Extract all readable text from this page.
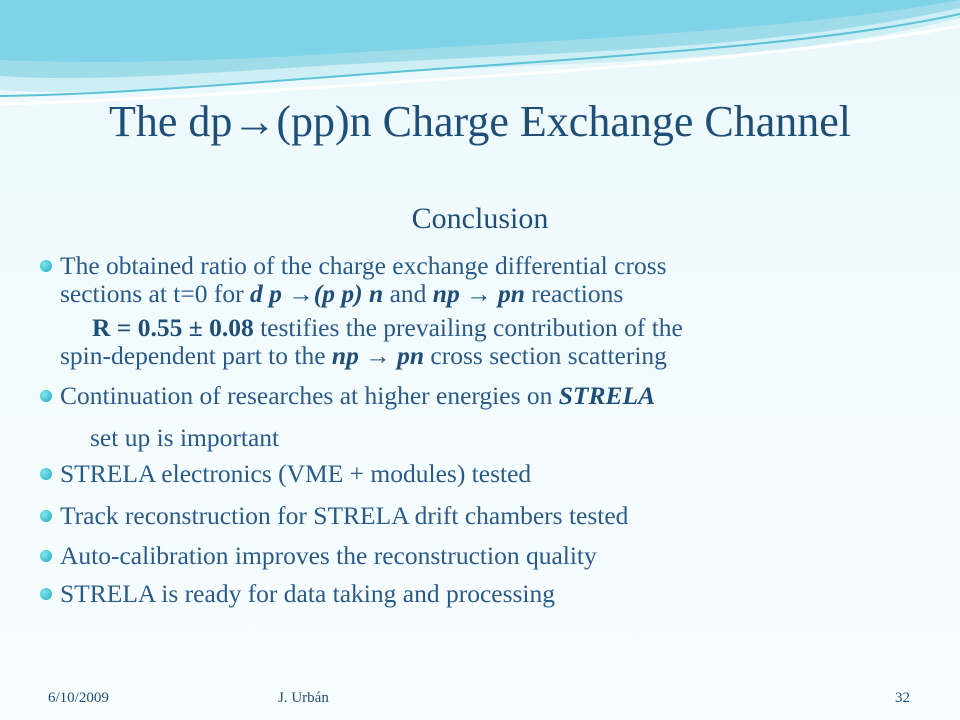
The dp→(pp)n Charge Exchange Channel
Conclusion
The obtained ratio of the charge exchange differential cross
sections at t=0 for d p →(p p) n and np → pn reactions
R = 0.55 ± 0.08 testifies the prevailing contribution of the
spin-dependent part to the np → pn cross section scattering
Continuation of researches at higher energies on STRELA
set up is important
STRELA electronics (VME + modules) tested
Track reconstruction for STRELA drift chambers tested
Auto-calibration improves the reconstruction quality
STRELA is ready for data taking and processing
6/10/2009	J. Urbán	32
